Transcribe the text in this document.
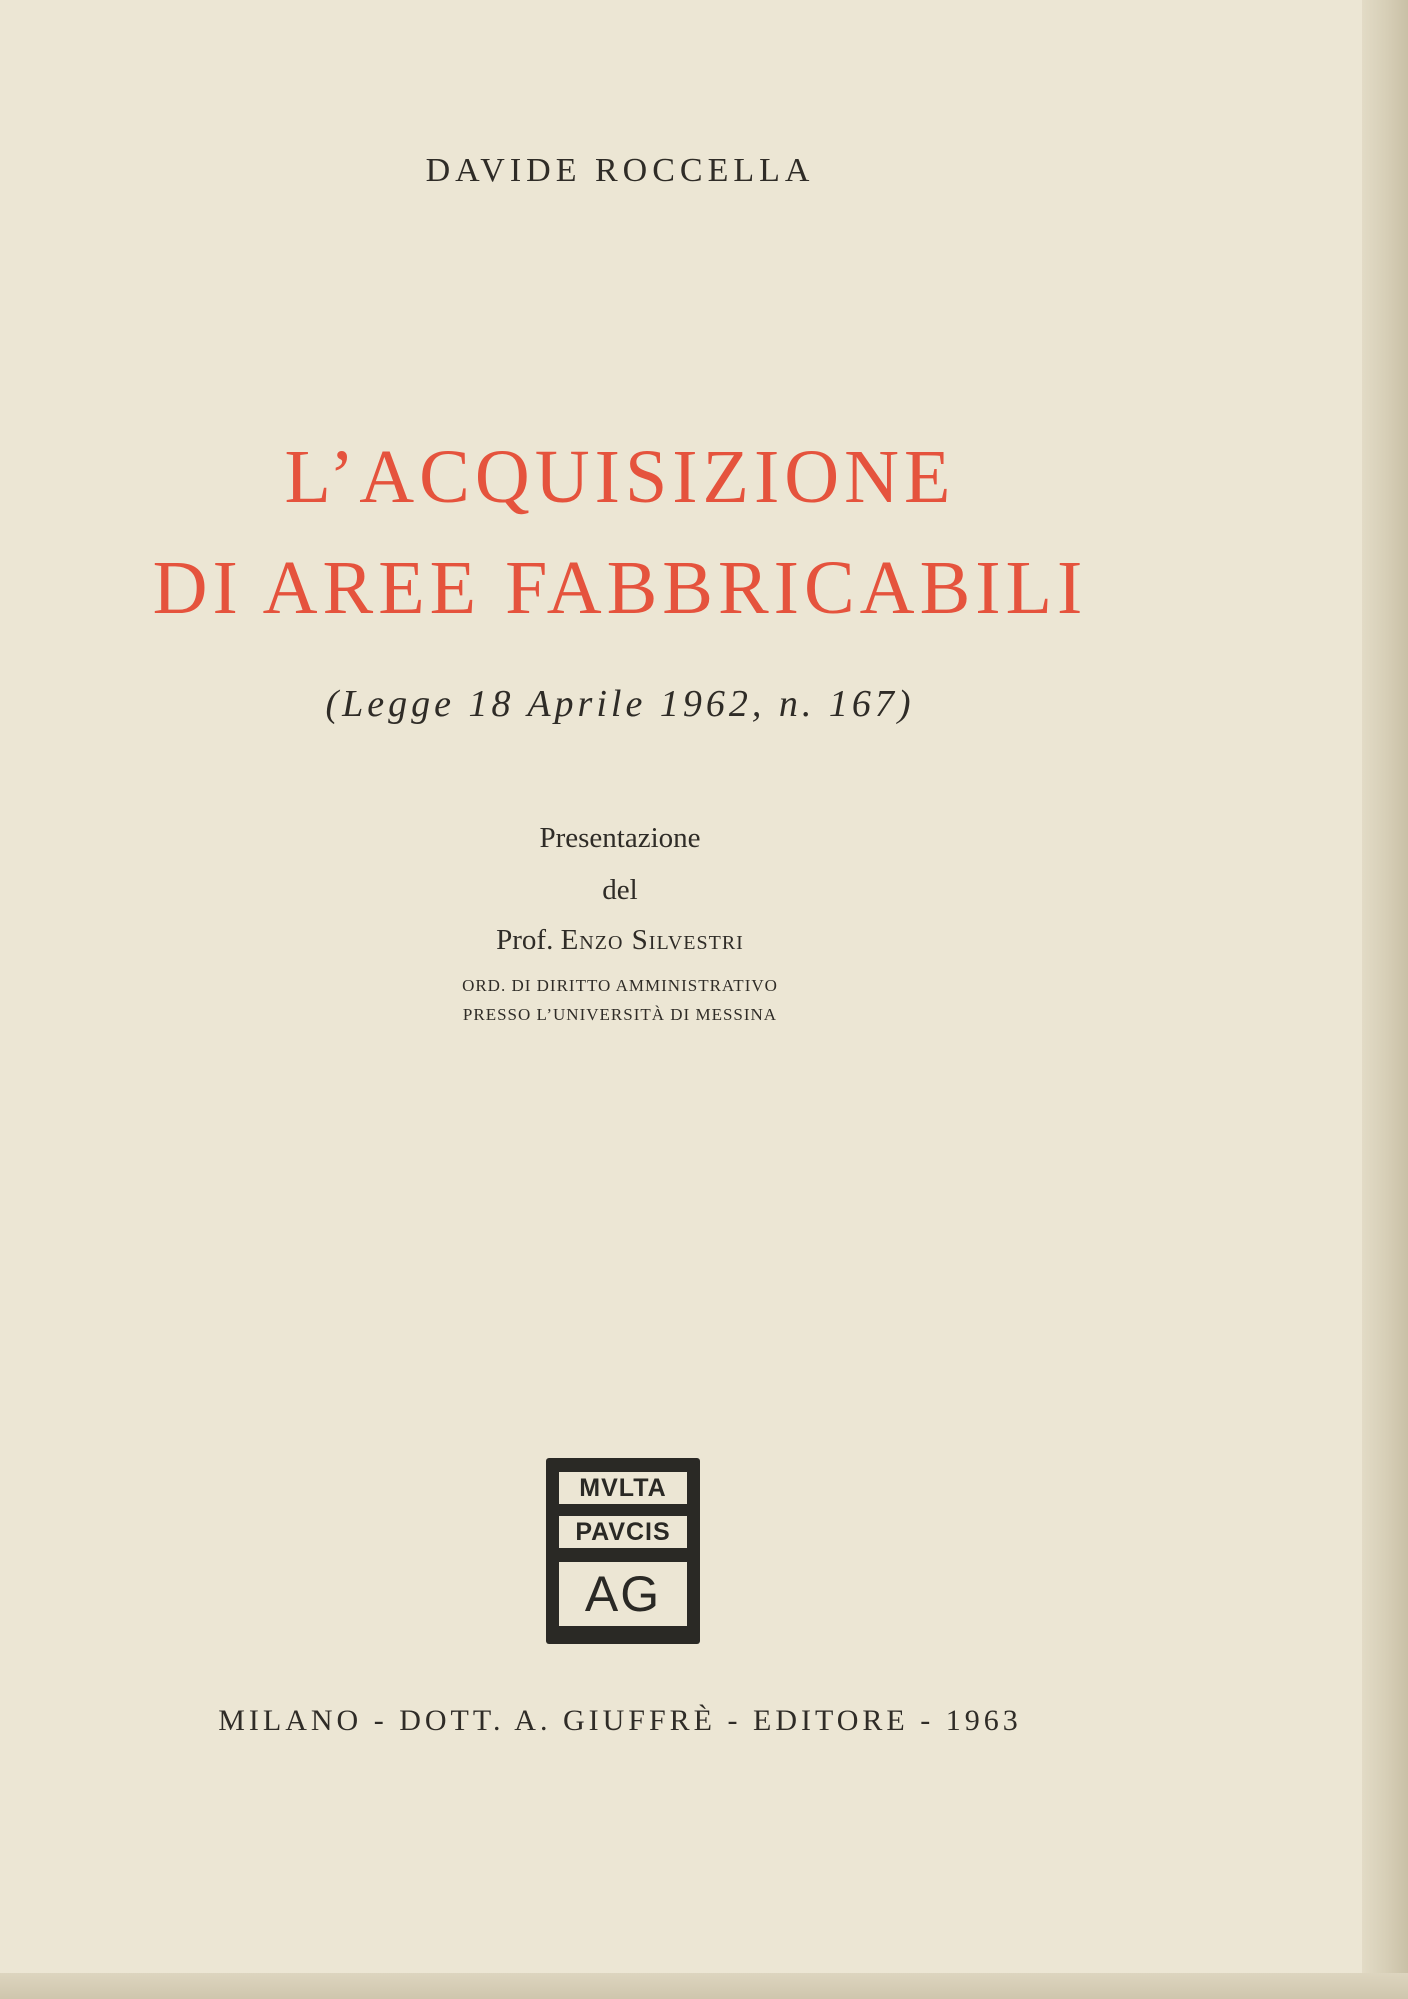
DAVIDE ROCCELLA
L’ACQUISIZIONE
DI AREE FABBRICABILI
(Legge 18 Aprile 1962, n. 167)
Presentazione
del
Prof. Enzo Silvestri
ORD. DI DIRITTO AMMINISTRATIVO
PRESSO L’UNIVERSITÀ DI MESSINA
MVLTA
PAVCIS
AG
MILANO - DOTT. A. GIUFFRÈ - EDITORE - 1963
